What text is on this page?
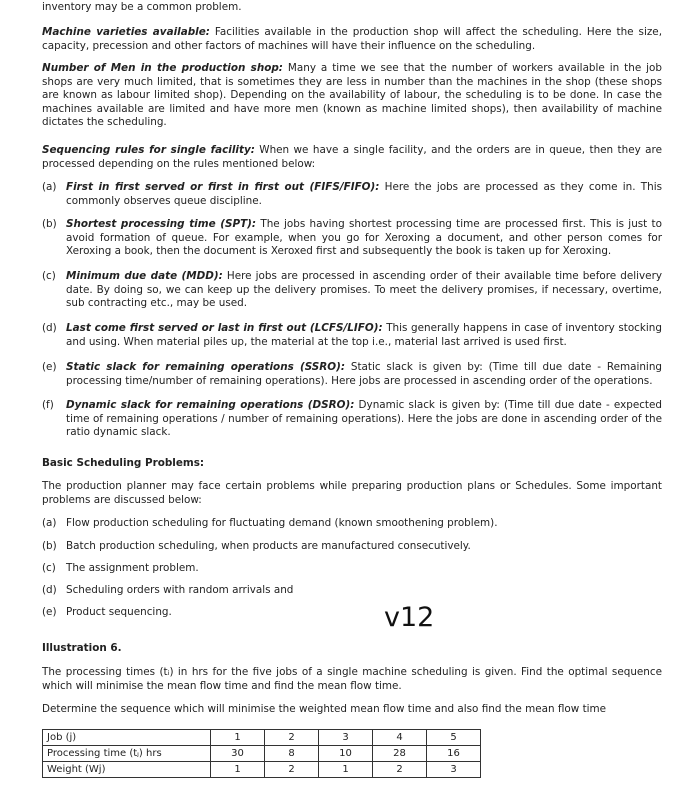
inventory may be a common problem.
Machine varieties available: Facilities available in the production shop will affect the scheduling. Here the size, capacity, precession and other factors of machines will have their influence on the scheduling.
Number of Men in the production shop: Many a time we see that the number of workers available in the job shops are very much limited, that is sometimes they are less in number than the machines in the shop (these shops are known as labour limited shop). Depending on the availability of labour, the scheduling is to be done. In case the machines available are limited and have more men (known as machine limited shops), then availability of machine dictates the scheduling.
Sequencing rules for single facility: When we have a single facility, and the orders are in queue, then they are processed depending on the rules mentioned below:
(a) First in first served or first in first out (FIFS/FIFO): Here the jobs are processed as they come in. This commonly observes queue discipline.
(b) Shortest processing time (SPT): The jobs having shortest processing time are processed first. This is just to avoid formation of queue. For example, when you go for Xeroxing a document, and other person comes for Xeroxing a book, then the document is Xeroxed first and subsequently the book is taken up for Xeroxing.
(c) Minimum due date (MDD): Here jobs are processed in ascending order of their available time before delivery date. By doing so, we can keep up the delivery promises. To meet the delivery promises, if necessary, overtime, sub contracting etc., may be used.
(d) Last come first served or last in first out (LCFS/LIFO): This generally happens in case of inventory stocking and using. When material piles up, the material at the top i.e., material last arrived is used first.
(e) Static slack for remaining operations (SSRO): Static slack is given by: (Time till due date - Remaining processing time/number of remaining operations). Here jobs are processed in ascending order of the operations.
(f) Dynamic slack for remaining operations (DSRO): Dynamic slack is given by: (Time till due date - expected time of remaining operations / number of remaining operations). Here the jobs are done in ascending order of the ratio dynamic slack.
Basic Scheduling Problems:
The production planner may face certain problems while preparing production plans or Schedules. Some important problems are discussed below:
(a) Flow production scheduling for fluctuating demand (known smoothening problem).
(b) Batch production scheduling, when products are manufactured consecutively.
(c) The assignment problem.
(d) Scheduling orders with random arrivals and
(e) Product sequencing.	v12
Illustration 6.
The processing times (tᵢ) in hrs for the five jobs of a single machine scheduling is given. Find the optimal sequence which will minimise the mean flow time and find the mean flow time.
Determine the sequence which will minimise the weighted mean flow time and also find the mean flow time
Job (j)	1	2	3	4	5
Processing time (tⱼ) hrs	30	8	10	28	16
Weight (Wj)	1	2	1	2	3
